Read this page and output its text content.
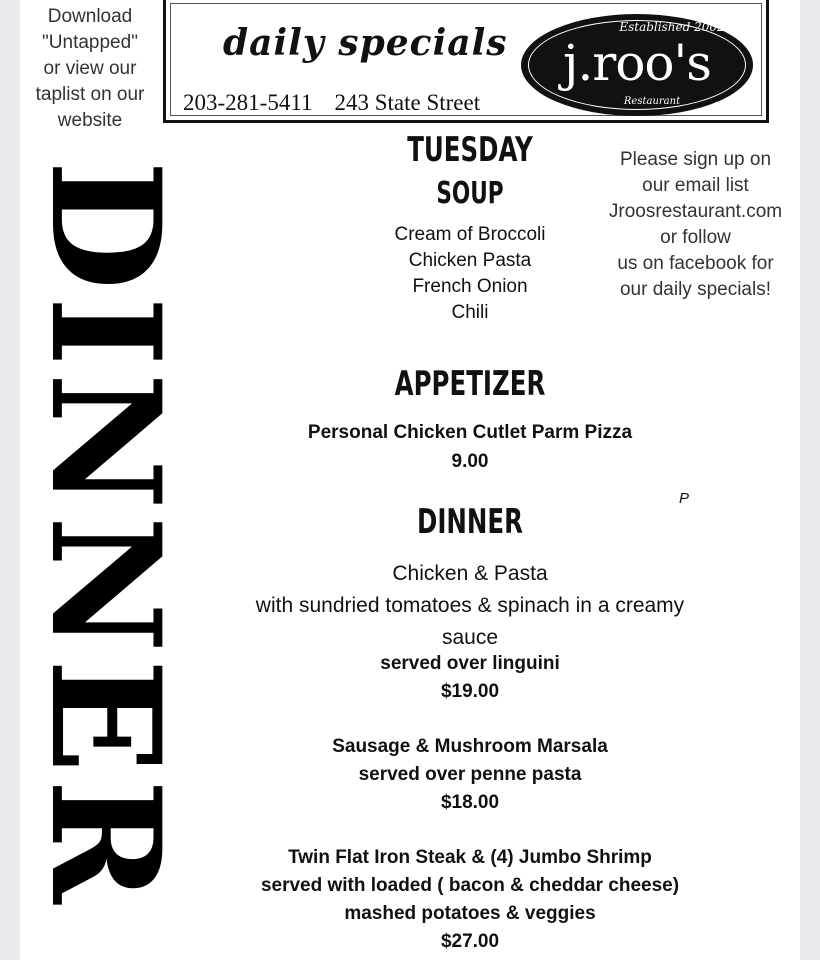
Download
"Untapped"
or view our
taplist on our
website
daily specials
203-281-5411 243 State Street
Established 2002
j.roo's
Restaurant
DINNER
TUESDAY
SOUP
Cream of Broccoli
Chicken Pasta
French Onion
Chili
Please sign up on
our email list
Jroosrestaurant.com
or follow
us on facebook for
our daily specials!
APPETIZER
Personal Chicken Cutlet Parm Pizza
9.00
P
DINNER
Chicken & Pasta
with sundried tomatoes & spinach in a creamy
sauce
served over linguini
$19.00
Sausage & Mushroom Marsala
served over penne pasta
$18.00
Twin Flat Iron Steak & (4) Jumbo Shrimp
served with loaded ( bacon & cheddar cheese)
mashed potatoes & veggies
$27.00
